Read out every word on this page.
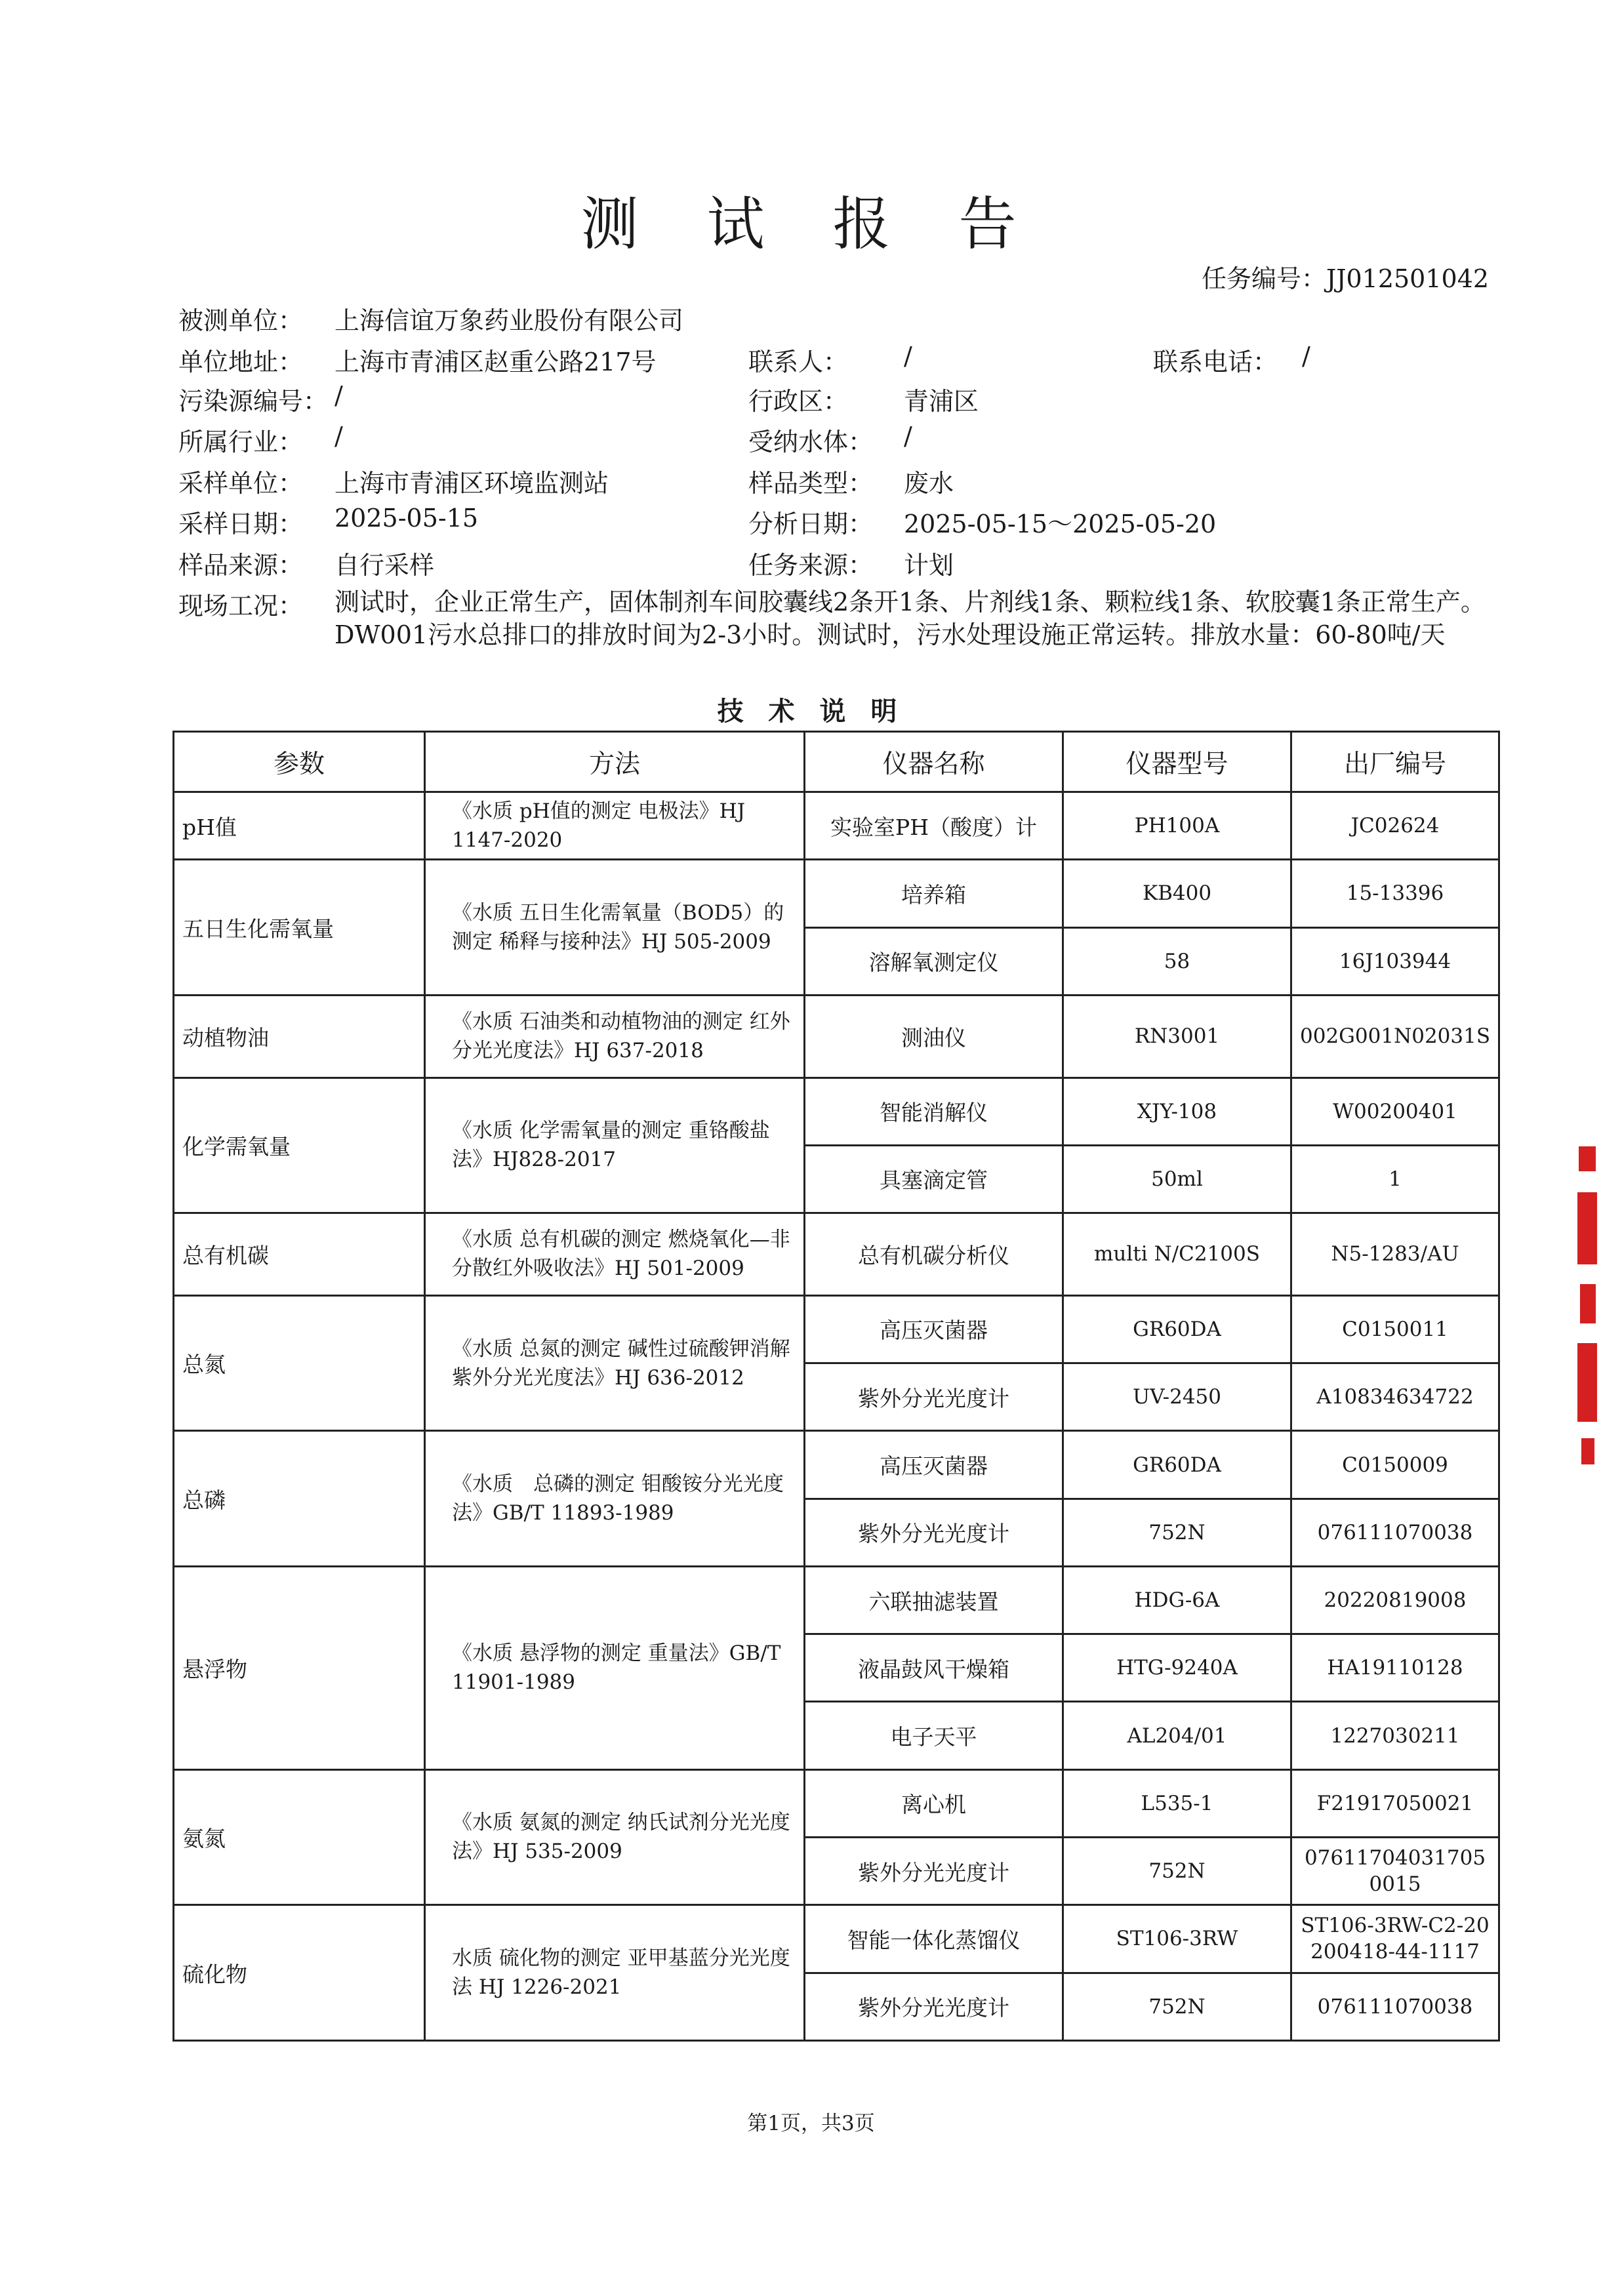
测 试 报 告
任务编号：JJ012501042
被测单位： 上海信谊万象药业股份有限公司
单位地址： 上海市青浦区赵重公路217号	联系人： /	联系电话： /
污染源编号： /	行政区： 青浦区
所属行业： /	受纳水体： /
采样单位： 上海市青浦区环境监测站	样品类型： 废水
采样日期： 2025-05-15	分析日期： 2025-05-15～2025-05-20
样品来源： 自行采样	任务来源： 计划
现场工况： 测试时，企业正常生产，固体制剂车间胶囊线2条开1条、片剂线1条、颗粒线1条、软胶囊1条正常生产。DW001污水总排口的排放时间为2-3小时。测试时，污水处理设施正常运转。排放水量：60-80吨/天
技 术 说 明
参数	方法	仪器名称	仪器型号	出厂编号
pH值	《水质 pH值的测定 电极法》HJ 1147-2020	实验室PH（酸度）计	PH100A	JC02624
五日生化需氧量	《水质 五日生化需氧量（BOD5）的测定 稀释与接种法》HJ 505-2009	培养箱	KB400	15-13396
		溶解氧测定仪	58	16J103944
动植物油	《水质 石油类和动植物油的测定 红外分光光度法》HJ 637-2018	测油仪	RN3001	002G001N02031S
化学需氧量	《水质 化学需氧量的测定 重铬酸盐法》HJ828-2017	智能消解仪	XJY-108	W00200401
		具塞滴定管	50ml	1
总有机碳	《水质 总有机碳的测定 燃烧氧化—非分散红外吸收法》HJ 501-2009	总有机碳分析仪	multi N/C2100S	N5-1283/AU
总氮	《水质 总氮的测定 碱性过硫酸钾消解紫外分光光度法》HJ 636-2012	高压灭菌器	GR60DA	C0150011
		紫外分光光度计	UV-2450	A10834634722
总磷	《水质　总磷的测定 钼酸铵分光光度法》GB/T 11893-1989	高压灭菌器	GR60DA	C0150009
		紫外分光光度计	752N	076111070038
悬浮物	《水质 悬浮物的测定 重量法》GB/T 11901-1989	六联抽滤装置	HDG-6A	20220819008
		液晶鼓风干燥箱	HTG-9240A	HA19110128
		电子天平	AL204/01	1227030211
氨氮	《水质 氨氮的测定 纳氏试剂分光光度法》HJ 535-2009	离心机	L535-1	F21917050021
		紫外分光光度计	752N	076117040317050015
硫化物	水质 硫化物的测定 亚甲基蓝分光光度法 HJ 1226-2021	智能一体化蒸馏仪	ST106-3RW	ST106-3RW-C2-20200418-44-1117
		紫外分光光度计	752N	076111070038
第1页，共3页
